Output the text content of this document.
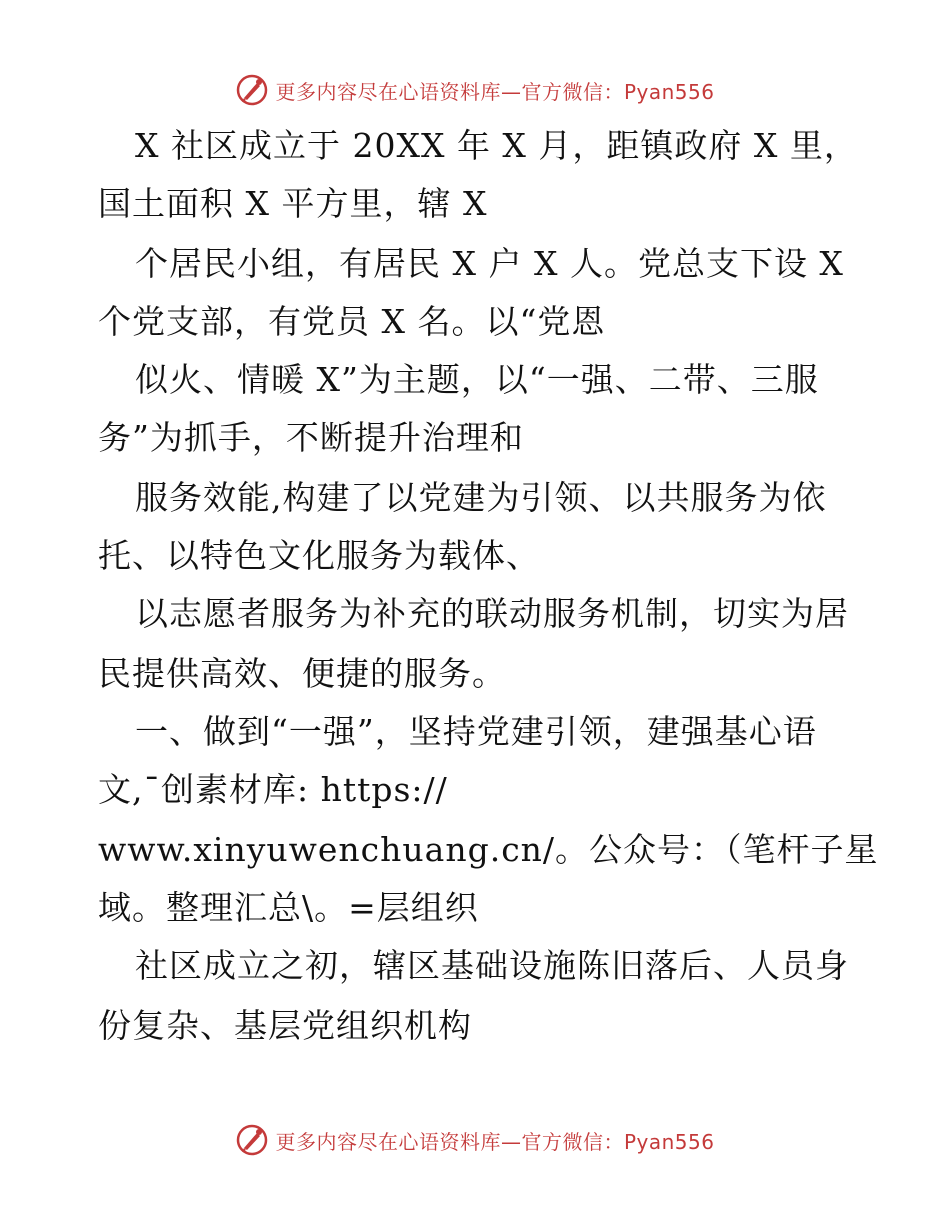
更多内容尽在心语资料库—官方微信：Pyan556
X 社区成立于 20XX 年 X 月，距镇政府 X 里，
国土面积 X 平方里，辖 X
个居民小组，有居民 X 户 X 人。党总支下设 X
个党支部，有党员 X 名。以“党恩
似火、情暖 X”为主题，以“一强、二带、三服
务”为抓手，不断提升治理和
服务效能,构建了以党建为引领、以共服务为依
托、以特色文化服务为载体、
以志愿者服务为补充的联动服务机制，切实为居
民提供高效、便捷的服务。
一、做到“一强”，坚持党建引领，建强基心语
文,¯创素材库: https://
www.xinyuwenchuang.cn/。公众号：（笔杆子星
域。整理汇总\。=层组织
社区成立之初，辖区基础设施陈旧落后、人员身
份复杂、基层党组织机构
更多内容尽在心语资料库—官方微信：Pyan556
